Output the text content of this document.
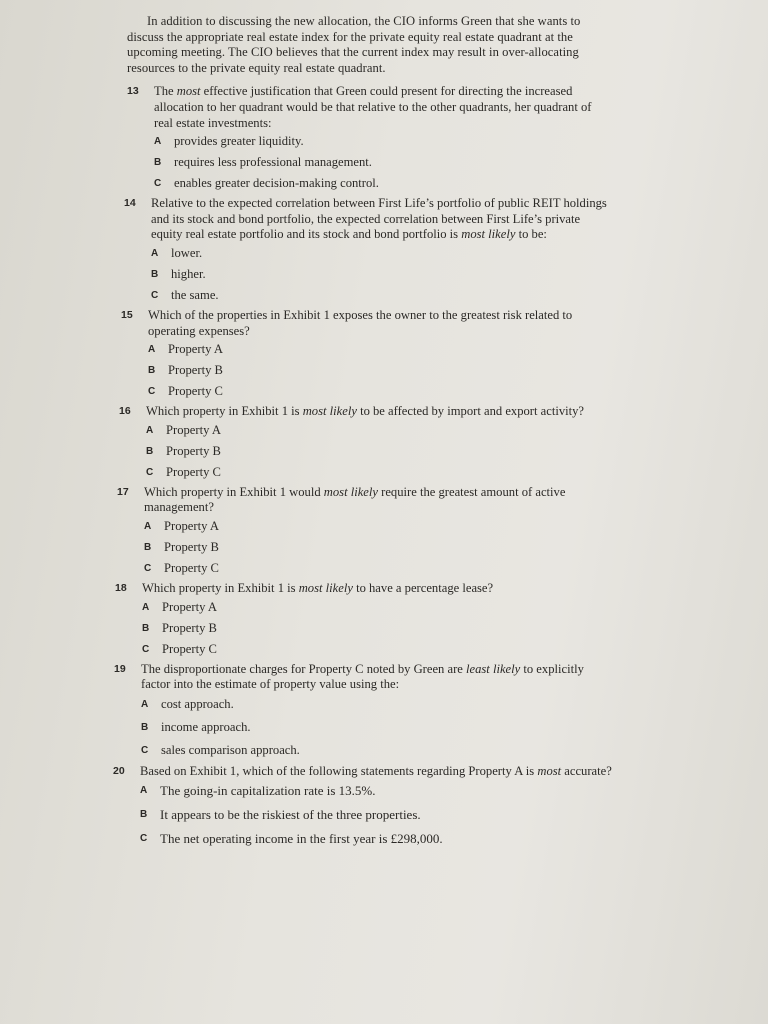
In addition to discussing the new allocation, the CIO informs Green that she wants to discuss the appropriate real estate index for the private equity real estate quadrant at the upcoming meeting. The CIO believes that the current index may result in over-allocating resources to the private equity real estate quadrant.

13	The most effective justification that Green could present for directing the increased allocation to her quadrant would be that relative to the other quadrants, her quadrant of real estate investments:
A provides greater liquidity.
B requires less professional management.
C enables greater decision-making control.
14	Relative to the expected correlation between First Life’s portfolio of public REIT holdings and its stock and bond portfolio, the expected correlation between First Life’s private equity real estate portfolio and its stock and bond portfolio is most likely to be:
A lower.
B higher.
C the same.
15	Which of the properties in Exhibit 1 exposes the owner to the greatest risk related to operating expenses?
A Property A
B Property B
C Property C
16	Which property in Exhibit 1 is most likely to be affected by import and export activity?
A Property A
B Property B
C Property C
17	Which property in Exhibit 1 would most likely require the greatest amount of active management?
A Property A
B Property B
C Property C
18	Which property in Exhibit 1 is most likely to have a percentage lease?
A Property A
B Property B
C Property C
19	The disproportionate charges for Property C noted by Green are least likely to explicitly factor into the estimate of property value using the:
A cost approach.
B income approach.
C sales comparison approach.
20	Based on Exhibit 1, which of the following statements regarding Property A is most accurate?
A The going-in capitalization rate is 13.5%.
B It appears to be the riskiest of the three properties.
C The net operating income in the first year is £298,000.
